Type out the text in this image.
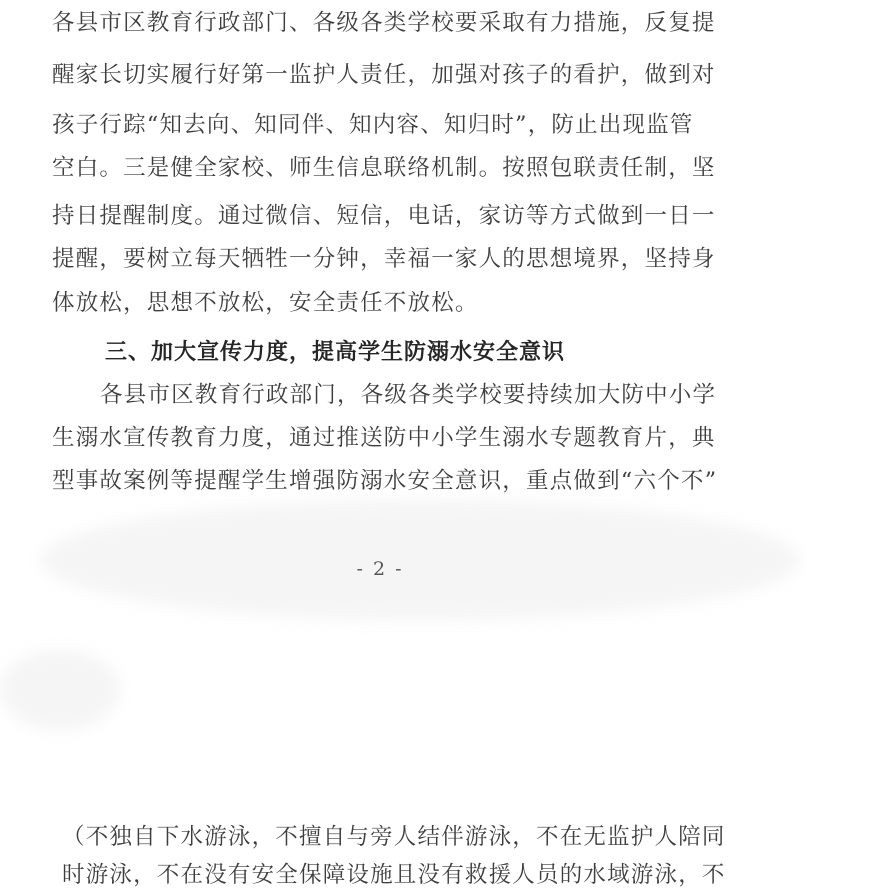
各县市区教育行政部门、各级各类学校要采取有力措施，反复提
醒家长切实履行好第一监护人责任，加强对孩子的看护，做到对
孩子行踪“知去向、知同伴、知内容、知归时”，防止出现监管
空白。三是健全家校、师生信息联络机制。按照包联责任制，坚
持日提醒制度。通过微信、短信，电话，家访等方式做到一日一
提醒，要树立每天牺牲一分钟，幸福一家人的思想境界，坚持身
体放松，思想不放松，安全责任不放松。
三、加大宣传力度，提高学生防溺水安全意识
各县市区教育行政部门，各级各类学校要持续加大防中小学
生溺水宣传教育力度，通过推送防中小学生溺水专题教育片，典
型事故案例等提醒学生增强防溺水安全意识，重点做到“六个不”
- 2 -
（不独自下水游泳，不擅自与旁人结伴游泳，不在无监护人陪同
时游泳，不在没有安全保障设施且没有救援人员的水域游泳，不
